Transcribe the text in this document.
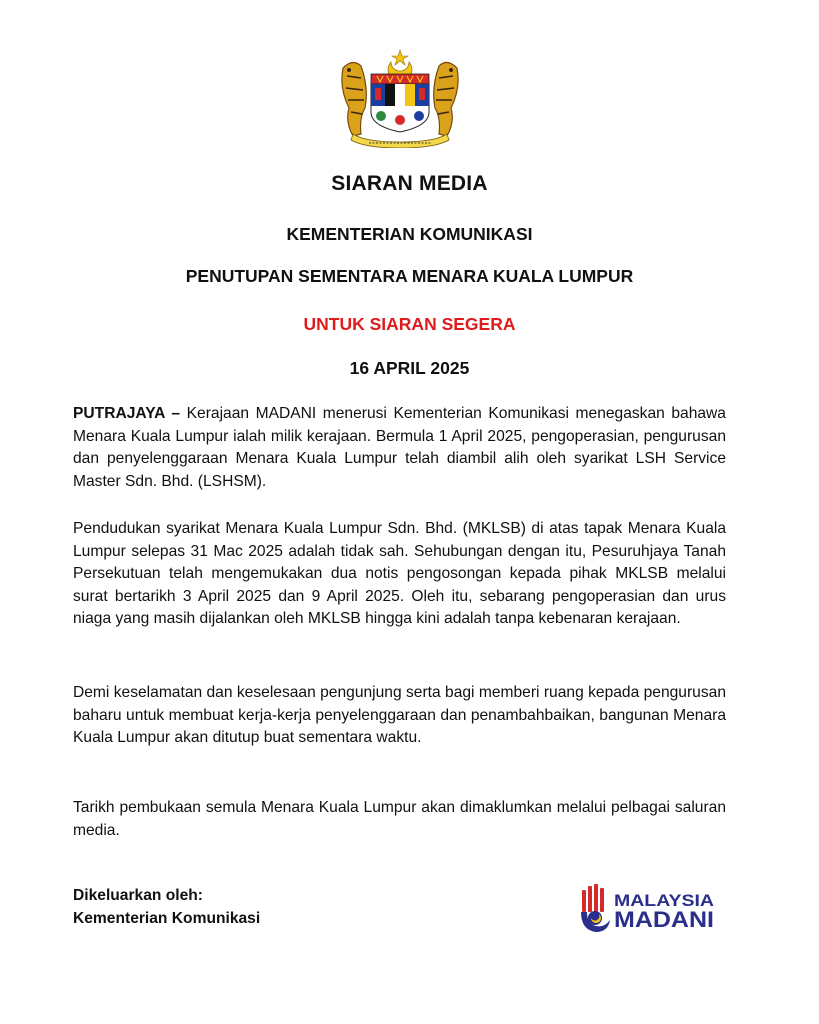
SIARAN MEDIA
KEMENTERIAN KOMUNIKASI
PENUTUPAN SEMENTARA MENARA KUALA LUMPUR
UNTUK SIARAN SEGERA
16 APRIL 2025

PUTRAJAYA – Kerajaan MADANI menerusi Kementerian Komunikasi menegaskan bahawa Menara Kuala Lumpur ialah milik kerajaan. Bermula 1 April 2025, pengoperasian, pengurusan dan penyelenggaraan Menara Kuala Lumpur telah diambil alih oleh syarikat LSH Service Master Sdn. Bhd. (LSHSM).

Pendudukan syarikat Menara Kuala Lumpur Sdn. Bhd. (MKLSB) di atas tapak Menara Kuala Lumpur selepas 31 Mac 2025 adalah tidak sah. Sehubungan dengan itu, Pesuruhjaya Tanah Persekutuan telah mengemukakan dua notis pengosongan kepada pihak MKLSB melalui surat bertarikh 3 April 2025 dan 9 April 2025. Oleh itu, sebarang pengoperasian dan urus niaga yang masih dijalankan oleh MKLSB hingga kini adalah tanpa kebenaran kerajaan.

Demi keselamatan dan keselesaan pengunjung serta bagi memberi ruang kepada pengurusan baharu untuk membuat kerja-kerja penyelenggaraan dan penambahbaikan, bangunan Menara Kuala Lumpur akan ditutup buat sementara waktu.

Tarikh pembukaan semula Menara Kuala Lumpur akan dimaklumkan melalui pelbagai saluran media.

Dikeluarkan oleh:
Kementerian Komunikasi
MALAYSIA
MADANI
